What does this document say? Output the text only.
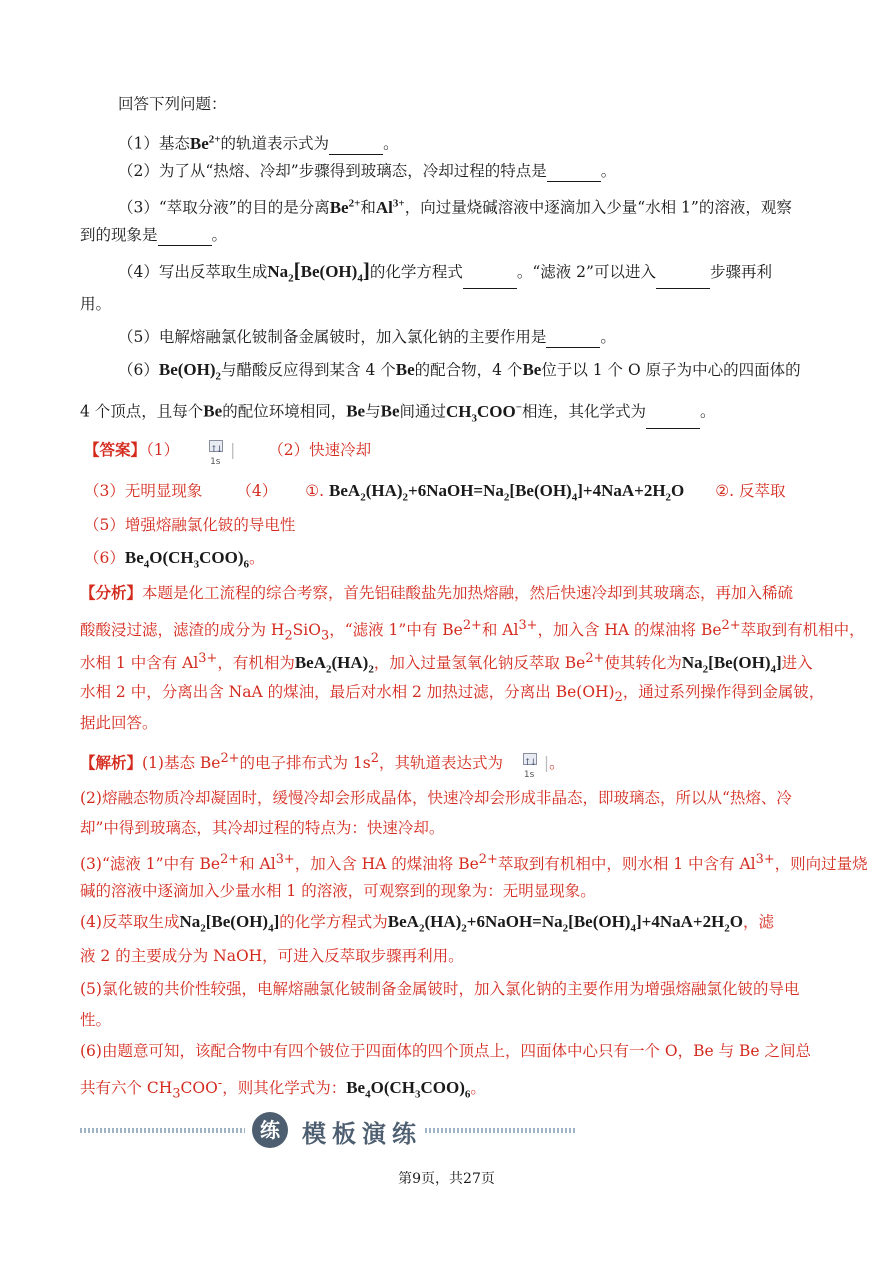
回答下列问题：
（1）基态$Be^{2+}$的轨道表示式为	。
（2）为了从“热熔、冷却”步骤得到玻璃态，冷却过程的特点是	。
（3）“萃取分液”的目的是分离$Be^{2+}$和$Al^{3+}$，向过量烧碱溶液中逐滴加入少量“水相 1”的溶液，观察
到的现象是	。
（4）写出反萃取生成$Na_2[Be(OH)_4]$的化学方程式	。“滤液 2”可以进入	步骤再利
用。
（5）电解熔融氯化铍制备金属铍时，加入氯化钠的主要作用是	。
$(6)Be(OH)_2$与醋酸反应得到某含 4 个Be的配合物，4 个Be位于以 1 个 O 原子为中心的四面体的
4 个顶点，且每个Be的配位环境相同，Be与Be间通过$CH_3COO^-$相连，其化学式为	。
【答案】（1）	↑↓
1s
| （2）快速冷却
（3）无明显现象 （4） ①. $BeA_2(HA)_2+6NaOH=Na_2[Be(OH)_4]+4NaA+2H_2O$ ②. 反萃取
（5）增强熔融氯化铍的导电性
$(6)Be_4O(CH_3COO)_6$。
【分析】本题是化工流程的综合考察，首先铝硅酸盐先加热熔融，然后快速冷却到其玻璃态，再加入稀硫
酸酸浸过滤，滤渣的成分为 $H_2SiO_3$，“滤液 1”中有 $Be^{2+}$和 $Al^{3+}$，加入含 HA 的煤油将 $Be^{2+}$萃取到有机相中，
水相 1 中含有 $Al^{3+}$，有机相为$BeA_2(HA)_2$，加入过量氢氧化钠反萃取 $Be^{2+}$使其转化为$Na_2[Be(OH)_4]$进入
水相 2 中，分离出含 NaA 的煤油，最后对水相 2 加热过滤，分离出 $Be(OH)_2$，通过系列操作得到金属铍，
据此回答。
【解析】(1)基态 $Be^{2+}$的电子排布式为 $1s^2$，其轨道表达式为 ↑↓
1s
|。
(2)熔融态物质冷却凝固时，缓慢冷却会形成晶体，快速冷却会形成非晶态，即玻璃态，所以从“热熔、冷
却”中得到玻璃态，其冷却过程的特点为：快速冷却。
(3)“滤液 1”中有 $Be^{2+}$和 $Al^{3+}$，加入含 HA 的煤油将 $Be^{2+}$萃取到有机相中，则水相 1 中含有 $Al^{3+}$，则向过量烧
碱的溶液中逐滴加入少量水相 1 的溶液，可观察到的现象为：无明显现象。
(4)反萃取生成$Na_2[Be(OH)_4]$的化学方程式为$BeA_2(HA)_2+6NaOH=Na_2[Be(OH)_4]+4NaA+2H_2O$，滤
液 2 的主要成分为 NaOH，可进入反萃取步骤再利用。
(5)氯化铍的共价性较强，电解熔融氯化铍制备金属铍时，加入氯化钠的主要作用为增强熔融氯化铍的导电
性。
(6)由题意可知，该配合物中有四个铍位于四面体的四个顶点上，四面体中心只有一个 O，Be 与 Be 之间总
共有六个 $CH_3COO^-$，则其化学式为：$Be_4O(CH_3COO)_6$。
练 模板演练
第9页，共27页
